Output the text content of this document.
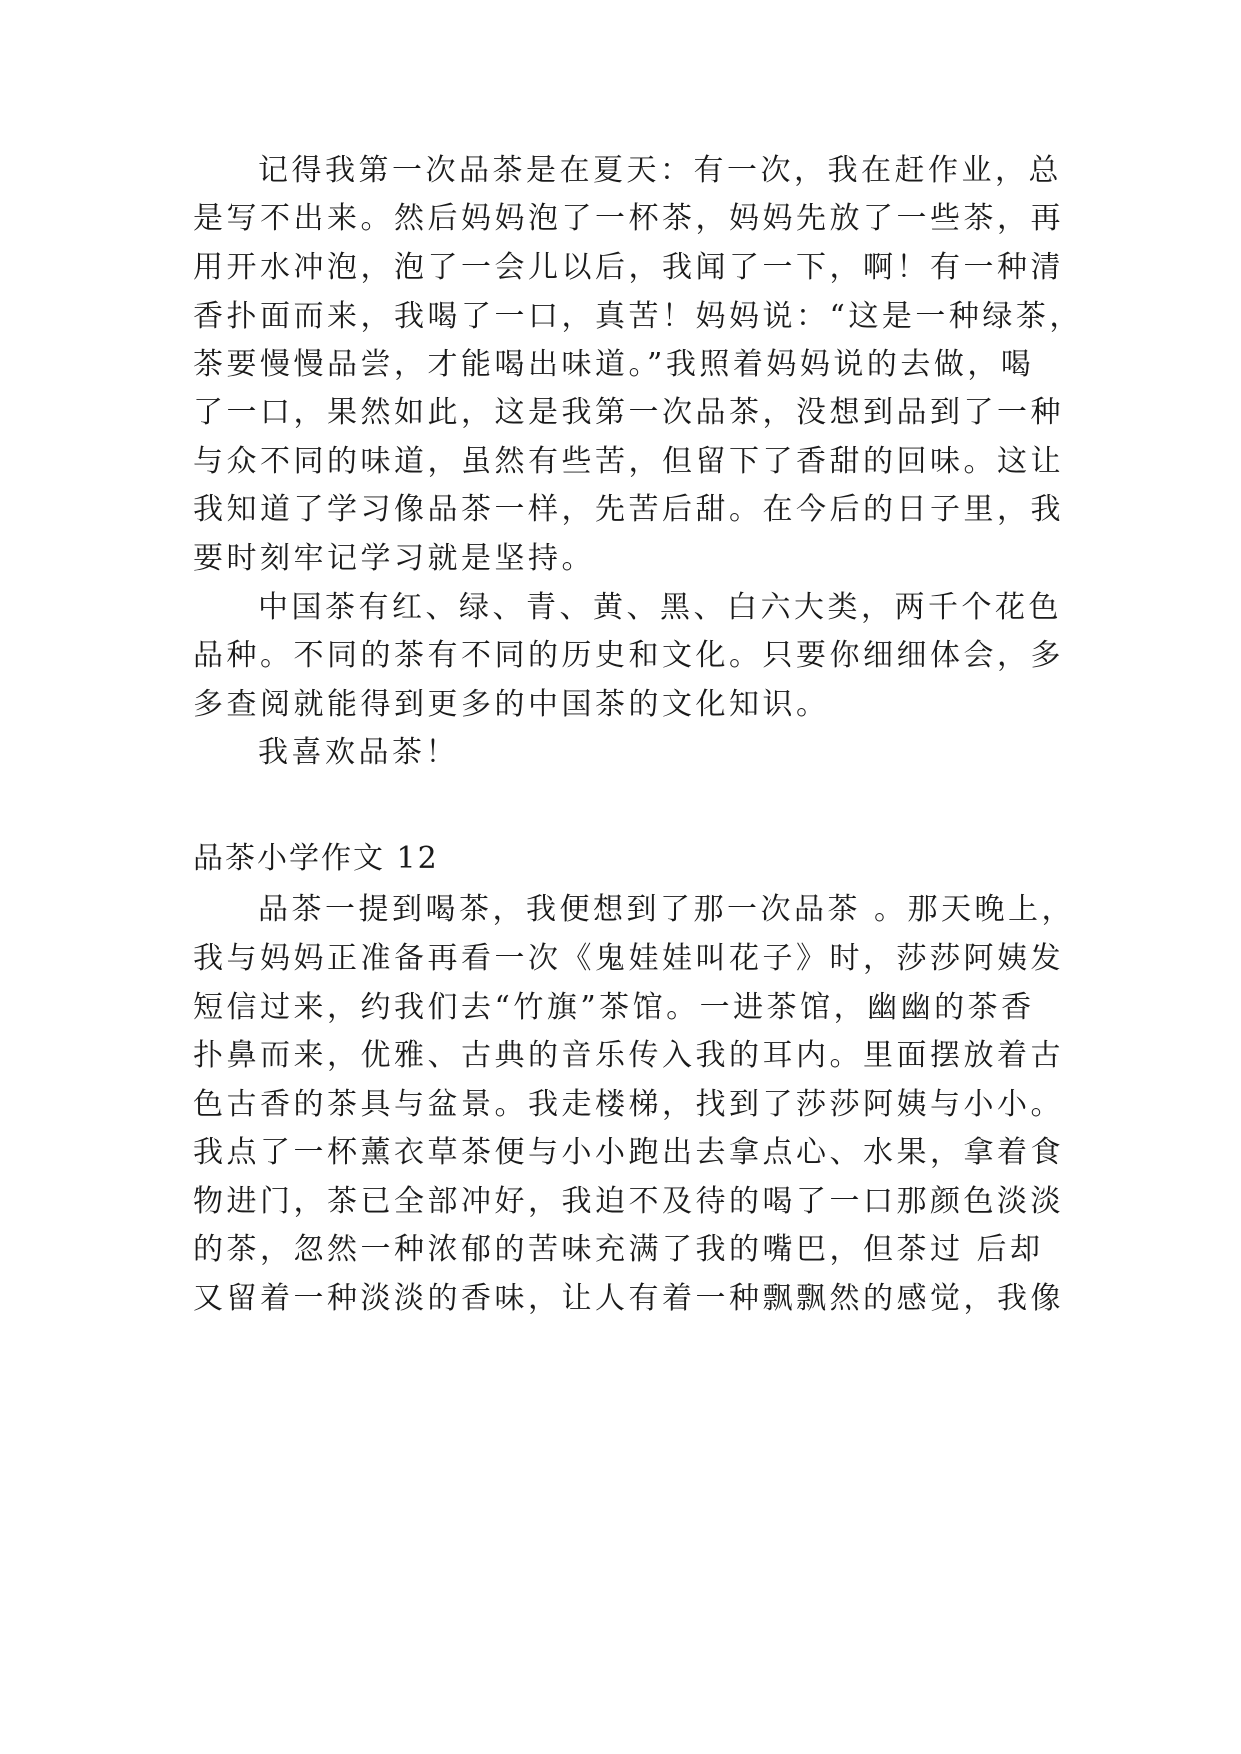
记得我第一次品茶是在夏天：有一次，我在赶作业，总
是写不出来。然后妈妈泡了一杯茶，妈妈先放了一些茶，再
用开水冲泡，泡了一会儿以后，我闻了一下，啊！有一种清
香扑面而来，我喝了一口，真苦！妈妈说：“这是一种绿茶，
茶要慢慢品尝，才能喝出味道。”我照着妈妈说的去做，喝
了一口，果然如此，这是我第一次品茶，没想到品到了一种
与众不同的味道，虽然有些苦，但留下了香甜的回味。这让
我知道了学习像品茶一样，先苦后甜。在今后的日子里，我
要时刻牢记学习就是坚持。
中国茶有红、绿、青、黄、黑、白六大类，两千个花色
品种。不同的茶有不同的历史和文化。只要你细细体会，多
多查阅就能得到更多的中国茶的文化知识。
我喜欢品茶！
品茶小学作文 12
品茶一提到喝茶，我便想到了那一次品茶 。那天晚上，
我与妈妈正准备再看一次《鬼娃娃叫花子》时，莎莎阿姨发
短信过来，约我们去“竹旗”茶馆。一进茶馆，幽幽的茶香
扑鼻而来，优雅、古典的音乐传入我的耳内。里面摆放着古
色古香的茶具与盆景。我走楼梯，找到了莎莎阿姨与小小。
我点了一杯薰衣草茶便与小小跑出去拿点心、水果，拿着食
物进门，茶已全部冲好，我迫不及待的喝了一口那颜色淡淡
的茶，忽然一种浓郁的苦味充满了我的嘴巴，但茶过 后却
又留着一种淡淡的香味，让人有着一种飘飘然的感觉，我像
